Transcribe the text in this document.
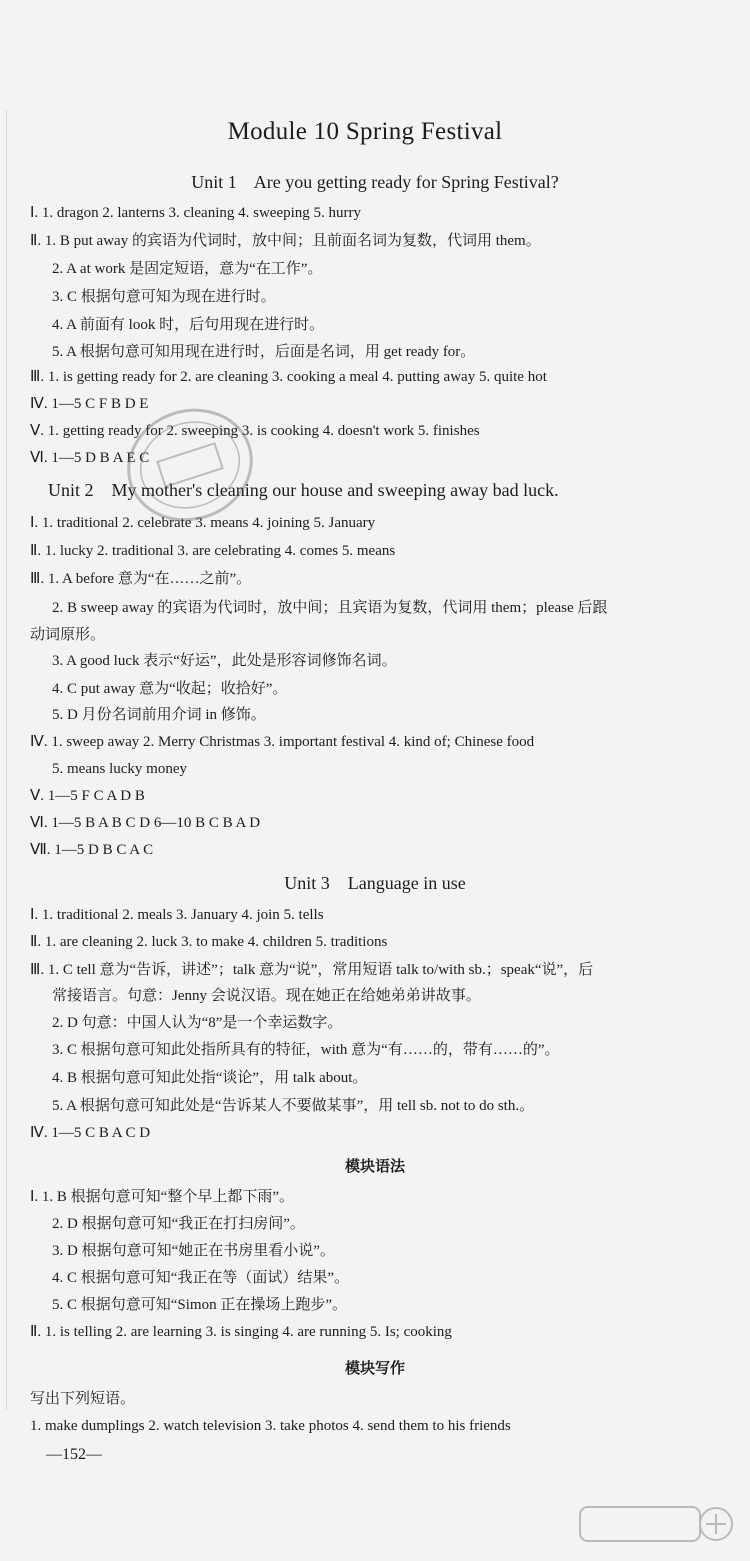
Module 10 Spring Festival
Unit 1    Are you getting ready for Spring Festival?
Ⅰ. 1. dragon 2. lanterns 3. cleaning 4. sweeping 5. hurry
Ⅱ. 1. B put away 的宾语为代词时，放中间；且前面名词为复数，代词用 them。
2. A at work 是固定短语，意为“在工作”。
3. C 根据句意可知为现在进行时。
4. A 前面有 look 时，后句用现在进行时。
5. A 根据句意可知用现在进行时，后面是名词，用 get ready for。
Ⅲ. 1. is getting ready for 2. are cleaning 3. cooking a meal 4. putting away 5. quite hot
Ⅳ. 1—5 C F B D E
Ⅴ. 1. getting ready for 2. sweeping 3. is cooking 4. doesn't work 5. finishes
Ⅵ. 1—5 D B A E C
Unit 2    My mother's cleaning our house and sweeping away bad luck.
Ⅰ. 1. traditional 2. celebrate 3. means 4. joining 5. January
Ⅱ. 1. lucky 2. traditional 3. are celebrating 4. comes 5. means
Ⅲ. 1. A before 意为“在……之前”。
2. B sweep away 的宾语为代词时，放中间；且宾语为复数，代词用 them；please 后跟
动词原形。
3. A good luck 表示“好运”，此处是形容词修饰名词。
4. C put away 意为“收起；收拾好”。
5. D 月份名词前用介词 in 修饰。
Ⅳ. 1. sweep away 2. Merry Christmas 3. important festival 4. kind of; Chinese food
5. means lucky money
Ⅴ. 1—5 F C A D B
Ⅵ. 1—5 B A B C D 6—10 B C B A D
Ⅶ. 1—5 D B C A C
Unit 3    Language in use
Ⅰ. 1. traditional 2. meals 3. January 4. join 5. tells
Ⅱ. 1. are cleaning 2. luck 3. to make 4. children 5. traditions
Ⅲ. 1. C tell 意为“告诉，讲述”；talk 意为“说”，常用短语 talk to/with sb.；speak“说”，后
常接语言。句意：Jenny 会说汉语。现在她正在给她弟弟讲故事。
2. D 句意：中国人认为“8”是一个幸运数字。
3. C 根据句意可知此处指所具有的特征，with 意为“有……的，带有……的”。
4. B 根据句意可知此处指“谈论”，用 talk about。
5. A 根据句意可知此处是“告诉某人不要做某事”，用 tell sb. not to do sth.。
Ⅳ. 1—5 C B A C D
模块语法
Ⅰ. 1. B 根据句意可知“整个早上都下雨”。
2. D 根据句意可知“我正在打扫房间”。
3. D 根据句意可知“她正在书房里看小说”。
4. C 根据句意可知“我正在等（面试）结果”。
5. C 根据句意可知“Simon 正在操场上跑步”。
Ⅱ. 1. is telling 2. are learning 3. is singing 4. are running 5. Is; cooking
模块写作
写出下列短语。
1. make dumplings 2. watch television 3. take photos 4. send them to his friends
—152—
